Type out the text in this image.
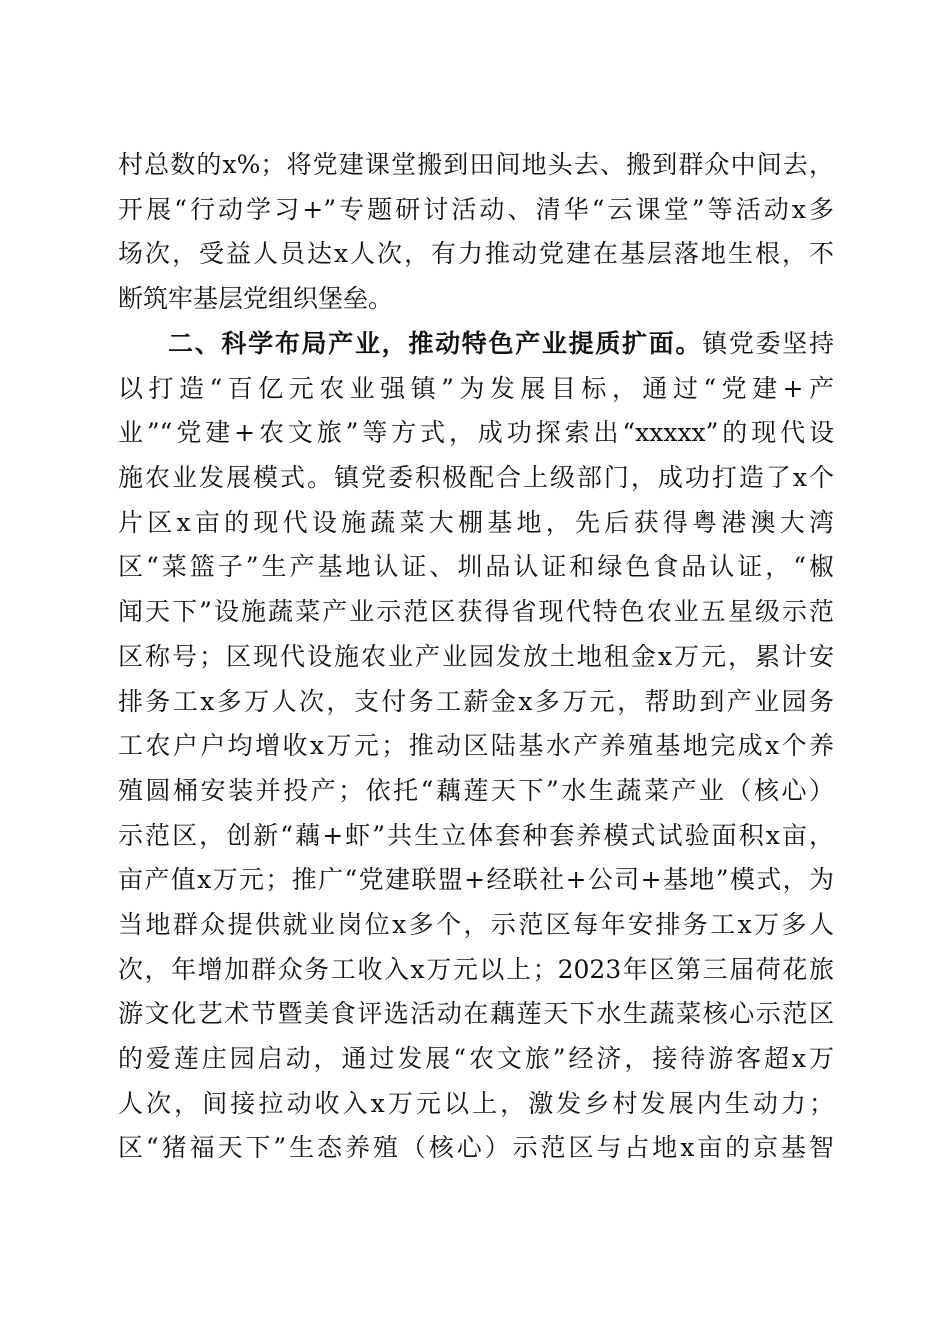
村总数的x%；将党建课堂搬到田间地头去、搬到群众中间去，
开展“行动学习+”专题研讨活动、清华“云课堂”等活动x多
场次，受益人员达x人次，有力推动党建在基层落地生根，不
断筑牢基层党组织堡垒。
二、科学布局产业，推动特色产业提质扩面。镇党委坚持
以打造“百亿元农业强镇”为发展目标，通过“党建+产
业”“党建+农文旅”等方式，成功探索出“xxxxx”的现代设
施农业发展模式。镇党委积极配合上级部门，成功打造了x个
片区x亩的现代设施蔬菜大棚基地，先后获得粤港澳大湾
区“菜篮子”生产基地认证、圳品认证和绿色食品认证，“椒
闻天下”设施蔬菜产业示范区获得省现代特色农业五星级示范
区称号；区现代设施农业产业园发放土地租金x万元，累计安
排务工x多万人次，支付务工薪金x多万元，帮助到产业园务
工农户户均增收x万元；推动区陆基水产养殖基地完成x个养
殖圆桶安装并投产；依托“藕莲天下”水生蔬菜产业（核心）
示范区，创新“藕+虾”共生立体套种套养模式试验面积x亩，
亩产值x万元；推广“党建联盟+经联社+公司+基地”模式，为
当地群众提供就业岗位x多个，示范区每年安排务工x万多人
次，年增加群众务工收入x万元以上；2023年区第三届荷花旅
游文化艺术节暨美食评选活动在藕莲天下水生蔬菜核心示范区
的爱莲庄园启动，通过发展“农文旅”经济，接待游客超x万
人次，间接拉动收入x万元以上，激发乡村发展内生动力；
区“猪福天下”生态养殖（核心）示范区与占地x亩的京基智
